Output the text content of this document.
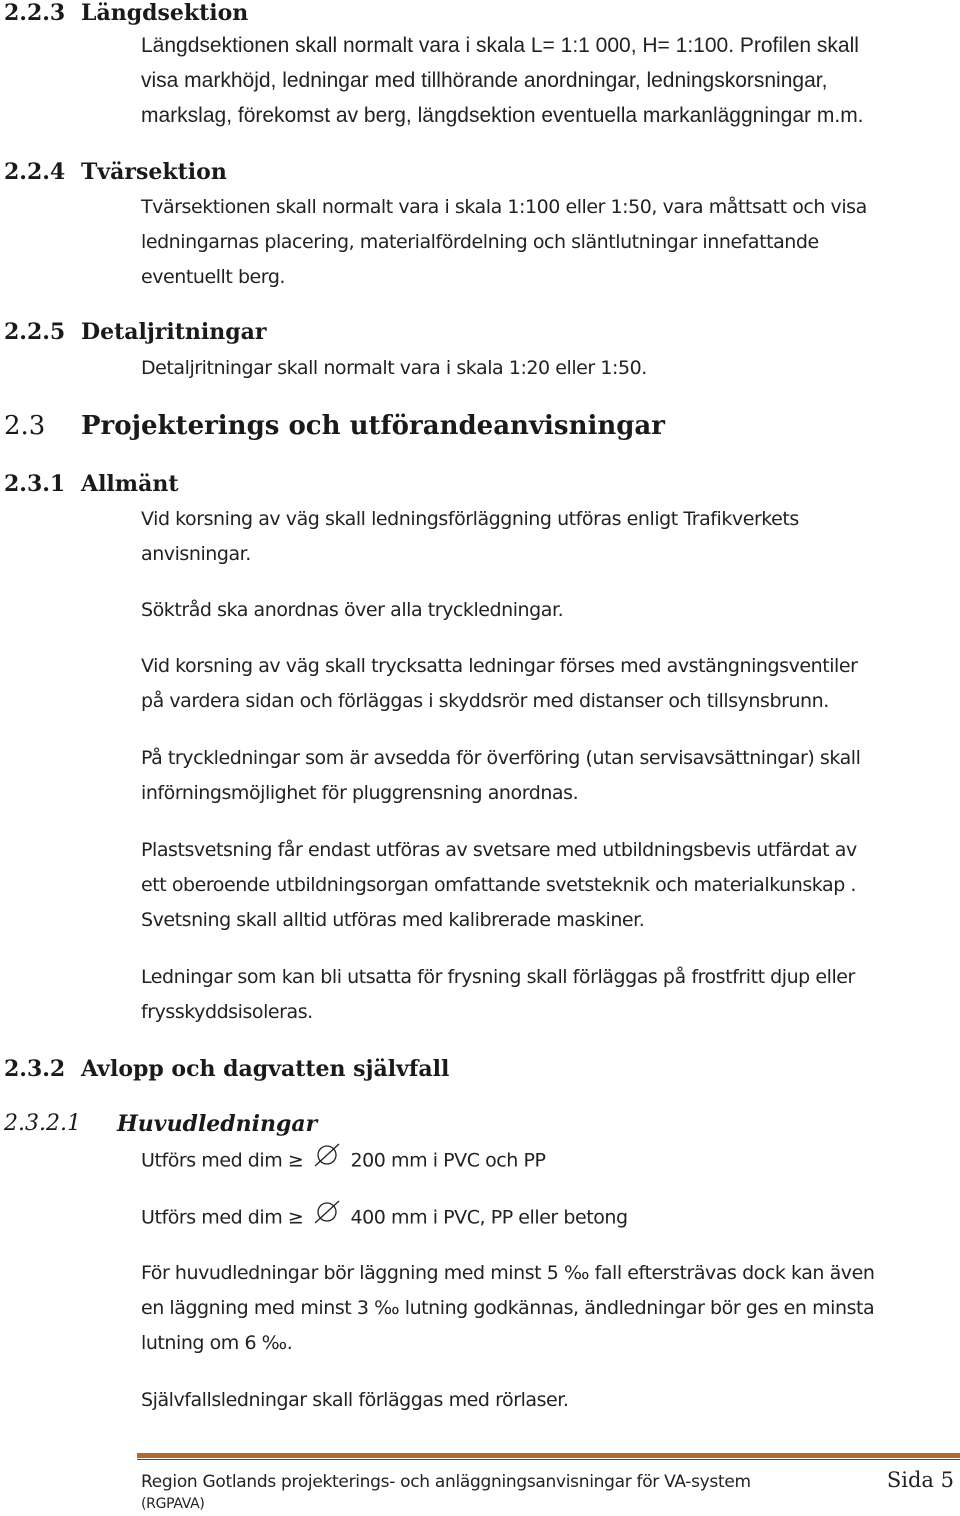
2.2.3 Längdsektion
Längdsektionen skall normalt vara i skala L= 1:1 000, H= 1:100. Profilen skall
visa markhöjd, ledningar med tillhörande anordningar, ledningskorsningar,
markslag, förekomst av berg, längdsektion eventuella markanläggningar m.m.
2.2.4 Tvärsektion
Tvärsektionen skall normalt vara i skala 1:100 eller 1:50, vara måttsatt och visa
ledningarnas placering, materialfördelning och släntlutningar innefattande
eventuellt berg.
2.2.5 Detaljritningar
Detaljritningar skall normalt vara i skala 1:20 eller 1:50.
2.3 Projekterings och utförandeanvisningar
2.3.1 Allmänt
Vid korsning av väg skall ledningsförläggning utföras enligt Trafikverkets
anvisningar.
Söktråd ska anordnas över alla tryckledningar.
Vid korsning av väg skall trycksatta ledningar förses med avstängningsventiler
på vardera sidan och förläggas i skyddsrör med distanser och tillsynsbrunn.
På tryckledningar som är avsedda för överföring (utan servisavsättningar) skall
införningsmöjlighet för pluggrensning anordnas.
Plastsvetsning får endast utföras av svetsare med utbildningsbevis utfärdat av
ett oberoende utbildningsorgan omfattande svetsteknik och materialkunskap .
Svetsning skall alltid utföras med kalibrerade maskiner.
Ledningar som kan bli utsatta för frysning skall förläggas på frostfritt djup eller
frysskyddsisoleras.
2.3.2 Avlopp och dagvatten självfall
2.3.2.1 Huvudledningar
Utförs med dim ≥ 200 mm i PVC och PP
Utförs med dim ≥ 400 mm i PVC, PP eller betong
För huvudledningar bör läggning med minst 5 ‰ fall eftersträvas dock kan även
en läggning med minst 3 ‰ lutning godkännas, ändledningar bör ges en minsta
lutning om 6 ‰.
Självfallsledningar skall förläggas med rörlaser.
Region Gotlands projekterings- och anläggningsanvisningar för VA-system
(RGPAVA)
Sida 5
